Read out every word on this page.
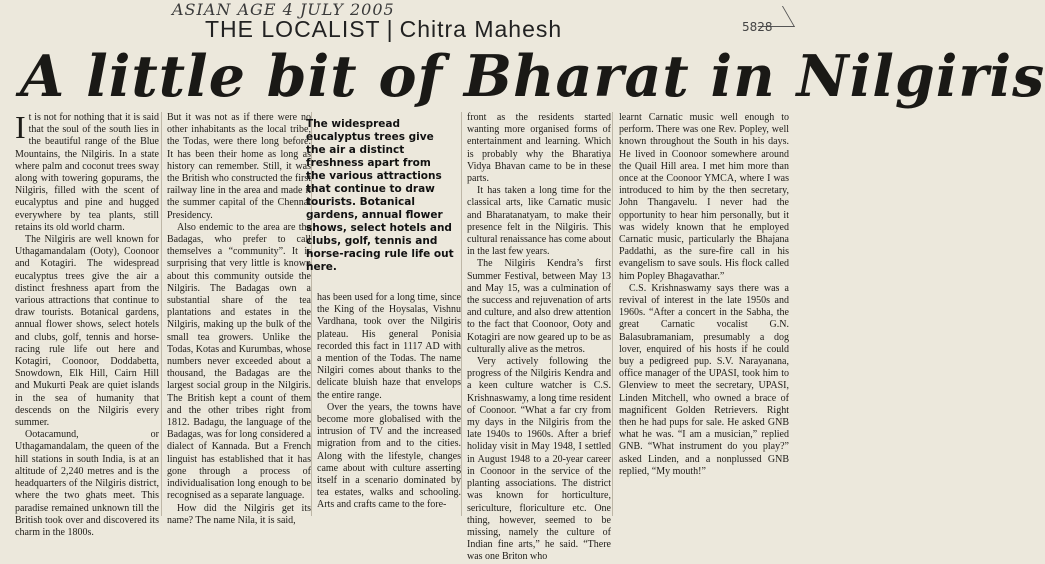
ASIAN AGE 4 JULY 2005
5828
THE LOCALIST | Chitra Mahesh
A little bit of Bharat in Nilgiris

It is not for nothing that it is said that the soul of the south lies in the beautiful range of the Blue Mountains, the Nilgiris. In a state where palm and coconut trees sway along with towering gopurams, the Nilgiris, filled with the scent of eucalyptus and pine and hugged everywhere by tea plants, still retains its old world charm.

The Nilgiris are well known for Uthagamandalam (Ooty), Coonoor and Kotagiri. The widespread eucalyptus trees give the air a distinct freshness apart from the various attractions that continue to draw tourists. Botanical gardens, annual flower shows, select hotels and clubs, golf, tennis and horse-racing rule life out here and Kotagiri, Coonoor, Doddabetta, Snowdown, Elk Hill, Cairn Hill and Mukurti Peak are quiet islands in the sea of humanity that descends on the Nilgiris every summer.

Ootacamund, or Uthagamandalam, the queen of the hill stations in south India, is at an altitude of 2,240 metres and is the headquarters of the Nilgiris district, where the two ghats meet. This paradise remained unknown till the British took over and discovered its charm in the 1800s.

But it was not as if there were no other inhabitants as the local tribe, the Todas, were there long before. It has been their home as long as history can remember. Still, it was the British who constructed the first railway line in the area and made it the summer capital of the Chennai Presidency.

Also endemic to the area are the Badagas, who prefer to call themselves a “community”. It is surprising that very little is known about this community outside the Nilgiris. The Badagas own a substantial share of the tea plantations and estates in the Nilgiris, making up the bulk of the small tea growers. Unlike the Todas, Kotas and Kurumbas, whose numbers never exceeded about a thousand, the Badagas are the largest social group in the Nilgiris. The British kept a count of them and the other tribes right from 1812. Badagu, the language of the Badagas, was for long considered a dialect of Kannada. But a French linguist has established that it has gone through a process of individualisation long enough to be recognised as a separate language.

How did the Nilgiris get its name? The name Nila, it is said,

has been used for a long time, since the King of the Hoysalas, Vishnu Vardhana, took over the Nilgiris plateau. His general Ponisia recorded this fact in 1117 AD with a mention of the Todas. The name Nilgiri comes about thanks to the delicate bluish haze that envelops the entire range.

Over the years, the towns have become more globalised with the intrusion of TV and the increased migration from and to the cities. Along with the lifestyle, changes came about with culture asserting itself in a scenario dominated by tea estates, walks and schooling. Arts and crafts came to the fore-

front as the residents started wanting more organised forms of entertainment and learning. Which is probably why the Bharatiya Vidya Bhavan came to be in these parts.

It has taken a long time for the classical arts, like Carnatic music and Bharatanatyam, to make their presence felt in the Nilgiris. This cultural renaissance has come about in the last few years.

The Nilgiris Kendra’s first Summer Festival, between May 13 and May 15, was a culmination of the success and rejuvenation of arts and culture, and also drew attention to the fact that Coonoor, Ooty and Kotagiri are now geared up to be as culturally alive as the metros.

Very actively following the progress of the Nilgiris Kendra and a keen culture watcher is C.S. Krishnaswamy, a long time resident of Coonoor. “What a far cry from my days in the Nilgiris from the late 1940s to 1960s. After a brief holiday visit in May 1948, I settled in August 1948 to a 20-year career in Coonoor in the service of the planting associations. The district was known for horticulture, sericulture, floriculture etc. One thing, however, seemed to be missing, namely the culture of Indian fine arts,” he said. “There was one Briton who

learnt Carnatic music well enough to perform. There was one Rev. Popley, well known throughout the South in his days. He lived in Coonoor somewhere around the Quail Hill area. I met him more than once at the Coonoor YMCA, where I was introduced to him by the then secretary, John Thangavelu. I never had the opportunity to hear him personally, but it was widely known that he employed Carnatic music, particularly the Bhajana Paddathi, as the sure-fire call in his evangelism to save souls. His flock called him Popley Bhagavathar.”

C.S. Krishnaswamy says there was a revival of interest in the late 1950s and 1960s. “After a concert in the Sabha, the great Carnatic vocalist G.N. Balasubramaniam, presumably a dog lover, enquired of his hosts if he could buy a pedigreed pup. S.V. Narayanana, office manager of the UPASI, took him to Glenview to meet the secretary, UPASI, Linden Mitchell, who owned a brace of magnificent Golden Retrievers. Right then he had pups for sale. He asked GNB what he was. “I am a musician,” replied GNB. “What instrument do you play?” asked Linden, and a nonplussed GNB replied, “My mouth!”

The widespread eucalyptus trees give the air a distinct freshness apart from the various attractions that continue to draw tourists. Botanical gardens, annual flower shows, select hotels and clubs, golf, tennis and horse-racing rule life out here.
